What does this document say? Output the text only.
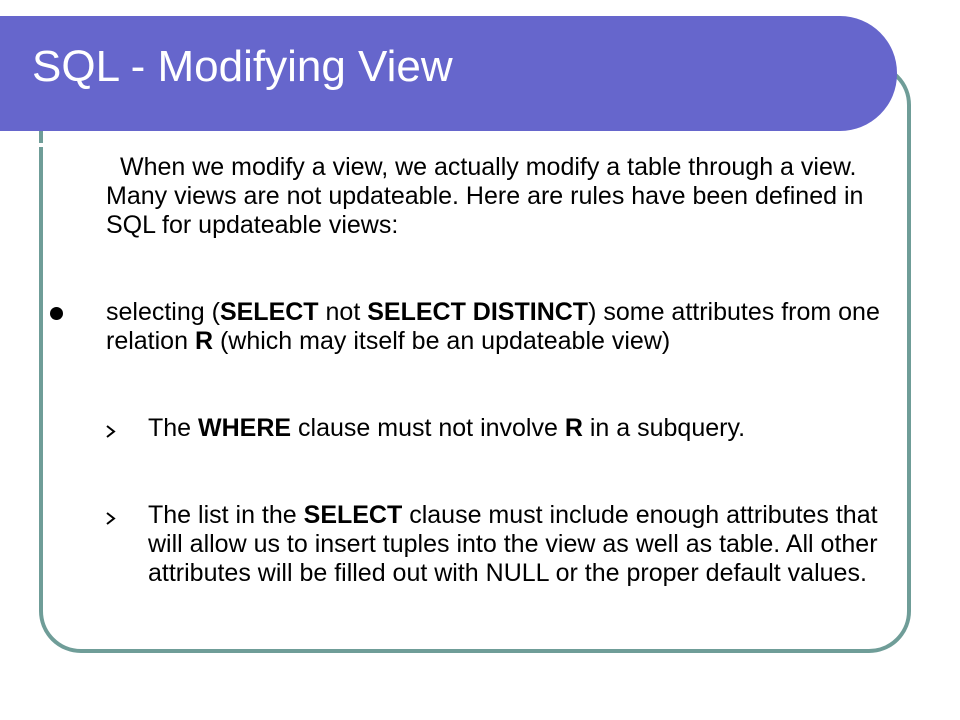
SQL - Modifying View

When we modify a view, we actually modify a table through a view. Many views are not updateable. Here are rules have been defined in SQL for updateable views:

selecting (SELECT not SELECT DISTINCT) some attributes from one relation R (which may itself be an updateable view)

The WHERE clause must not involve R in a subquery.

The list in the SELECT clause must include enough attributes that will allow us to insert tuples into the view as well as table. All other attributes will be filled out with NULL or the proper default values.
